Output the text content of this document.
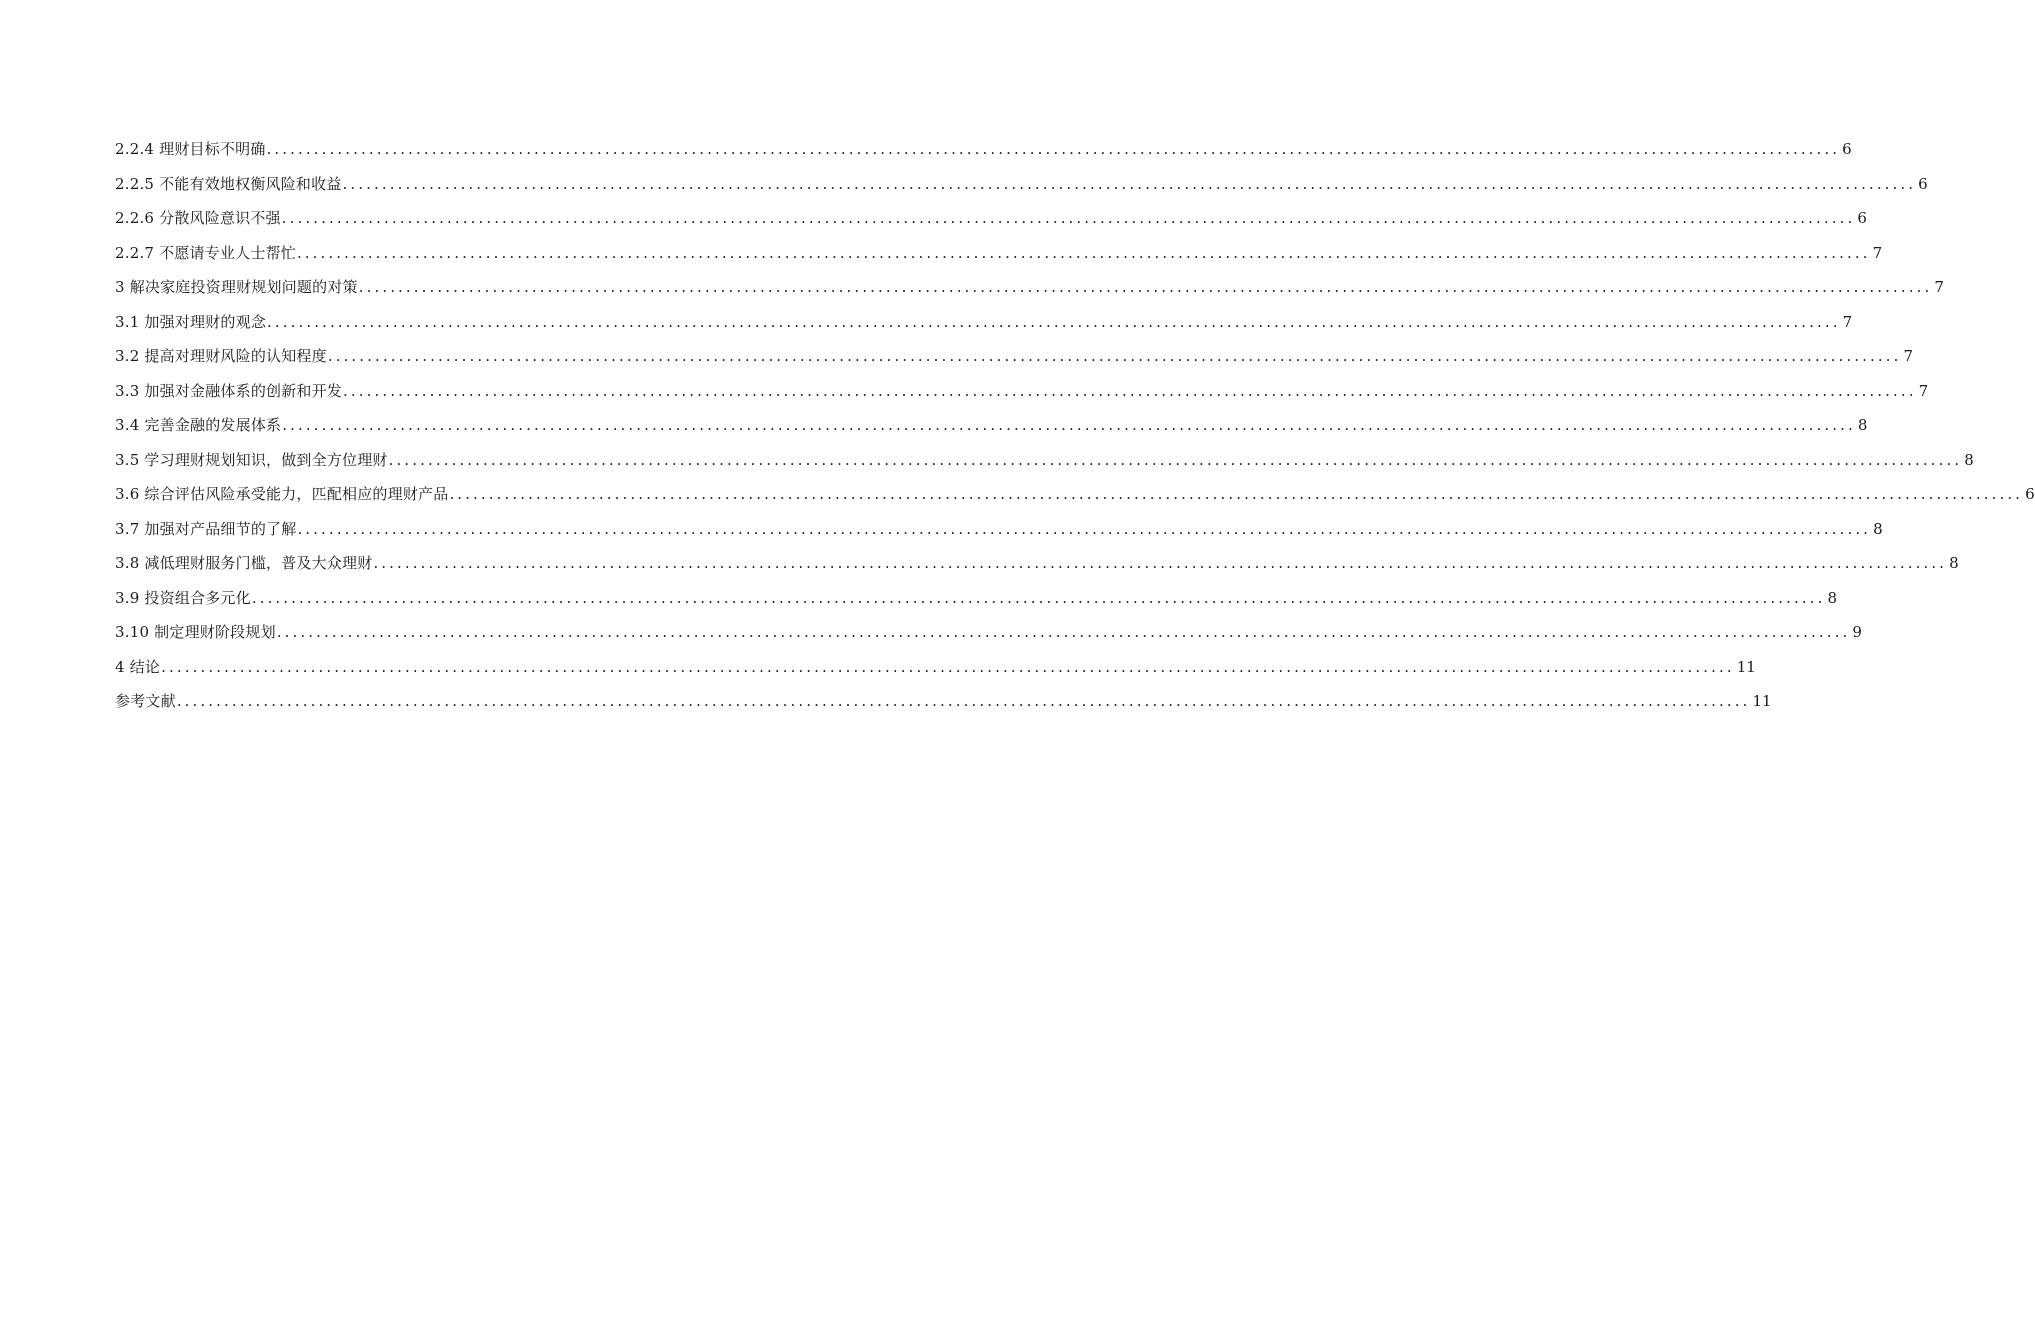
2.2.4 理财目标不明确 ........................................................................................................................................................................................................ 6
2.2.5 不能有效地权衡风险和收益 ........................................................................................................................................................................................................ 6
2.2.6 分散风险意识不强 ........................................................................................................................................................................................................ 6
2.2.7 不愿请专业人士帮忙 ........................................................................................................................................................................................................ 7
3 解决家庭投资理财规划问题的对策 ........................................................................................................................................................................................................ 7
3.1 加强对理财的观念 ........................................................................................................................................................................................................ 7
3.2 提高对理财风险的认知程度 ........................................................................................................................................................................................................ 7
3.3 加强对金融体系的创新和开发 ........................................................................................................................................................................................................ 7
3.4 完善金融的发展体系 ........................................................................................................................................................................................................ 8
3.5 学习理财规划知识，做到全方位理财 ........................................................................................................................................................................................................ 8
3.6 综合评估风险承受能力，匹配相应的理财产品 ........................................................................................................................................................................................................ 6
3.7 加强对产品细节的了解 ........................................................................................................................................................................................................ 8
3.8 减低理财服务门槛，普及大众理财 ........................................................................................................................................................................................................ 8
3.9 投资组合多元化 ........................................................................................................................................................................................................ 8
3.10 制定理财阶段规划 ........................................................................................................................................................................................................ 9
4 结论 ........................................................................................................................................................................................................ 11
参考文献 ........................................................................................................................................................................................................ 11
